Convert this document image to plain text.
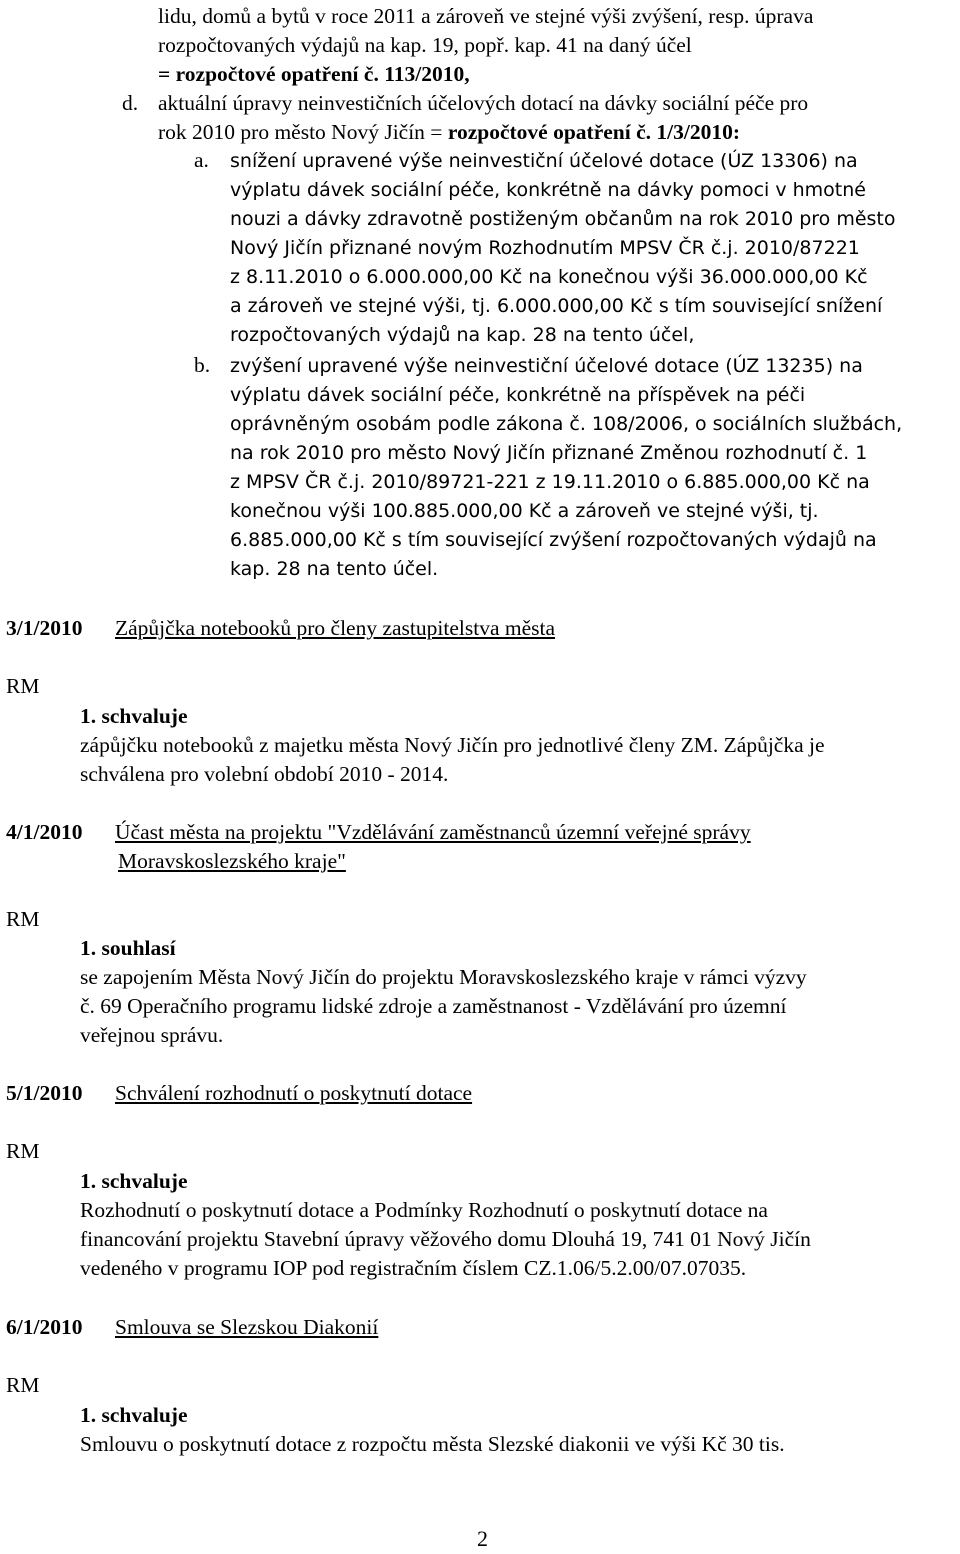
lidu, domů a bytů v roce 2011 a zároveň ve stejné výši zvýšení, resp. úprava
rozpočtovaných výdajů na kap. 19, popř. kap. 41 na daný účel
= rozpočtové opatření č. 113/2010,
d. aktuální úpravy neinvestičních účelových dotací na dávky sociální péče pro
rok 2010 pro město Nový Jičín = rozpočtové opatření č. 1/3/2010:
a. snížení upravené výše neinvestiční účelové dotace (ÚZ 13306) na
výplatu dávek sociální péče, konkrétně na dávky pomoci v hmotné
nouzi a dávky zdravotně postiženým občanům na rok 2010 pro město
Nový Jičín přiznané novým Rozhodnutím MPSV ČR č.j. 2010/87221
z 8.11.2010 o 6.000.000,00 Kč na konečnou výši 36.000.000,00 Kč
a zároveň ve stejné výši, tj. 6.000.000,00 Kč s tím související snížení
rozpočtovaných výdajů na kap. 28 na tento účel,
b. zvýšení upravené výše neinvestiční účelové dotace (ÚZ 13235) na
výplatu dávek sociální péče, konkrétně na příspěvek na péči
oprávněným osobám podle zákona č. 108/2006, o sociálních službách,
na rok 2010 pro město Nový Jičín přiznané Změnou rozhodnutí č. 1
z MPSV ČR č.j. 2010/89721-221 z 19.11.2010 o 6.885.000,00 Kč na
konečnou výši 100.885.000,00 Kč a zároveň ve stejné výši, tj.
6.885.000,00 Kč s tím související zvýšení rozpočtovaných výdajů na
kap. 28 na tento účel.
3/1/2010 Zápůjčka notebooků pro členy zastupitelstva města
RM
1. schvaluje
zápůjčku notebooků z majetku města Nový Jičín pro jednotlivé členy ZM. Zápůjčka je
schválena pro volební období 2010 - 2014.
4/1/2010 Účast města na projektu "Vzdělávání zaměstnanců územní veřejné správy
Moravskoslezského kraje"
RM
1. souhlasí
se zapojením Města Nový Jičín do projektu Moravskoslezského kraje v rámci výzvy
č. 69 Operačního programu lidské zdroje a zaměstnanost - Vzdělávání pro územní
veřejnou správu.
5/1/2010 Schválení rozhodnutí o poskytnutí dotace
RM
1. schvaluje
Rozhodnutí o poskytnutí dotace a Podmínky Rozhodnutí o poskytnutí dotace na
financování projektu Stavební úpravy věžového domu Dlouhá 19, 741 01 Nový Jičín
vedeného v programu IOP pod registračním číslem CZ.1.06/5.2.00/07.07035.
6/1/2010 Smlouva se Slezskou Diakonií
RM
1. schvaluje
Smlouvu o poskytnutí dotace z rozpočtu města Slezské diakonii ve výši Kč 30 tis.
2
